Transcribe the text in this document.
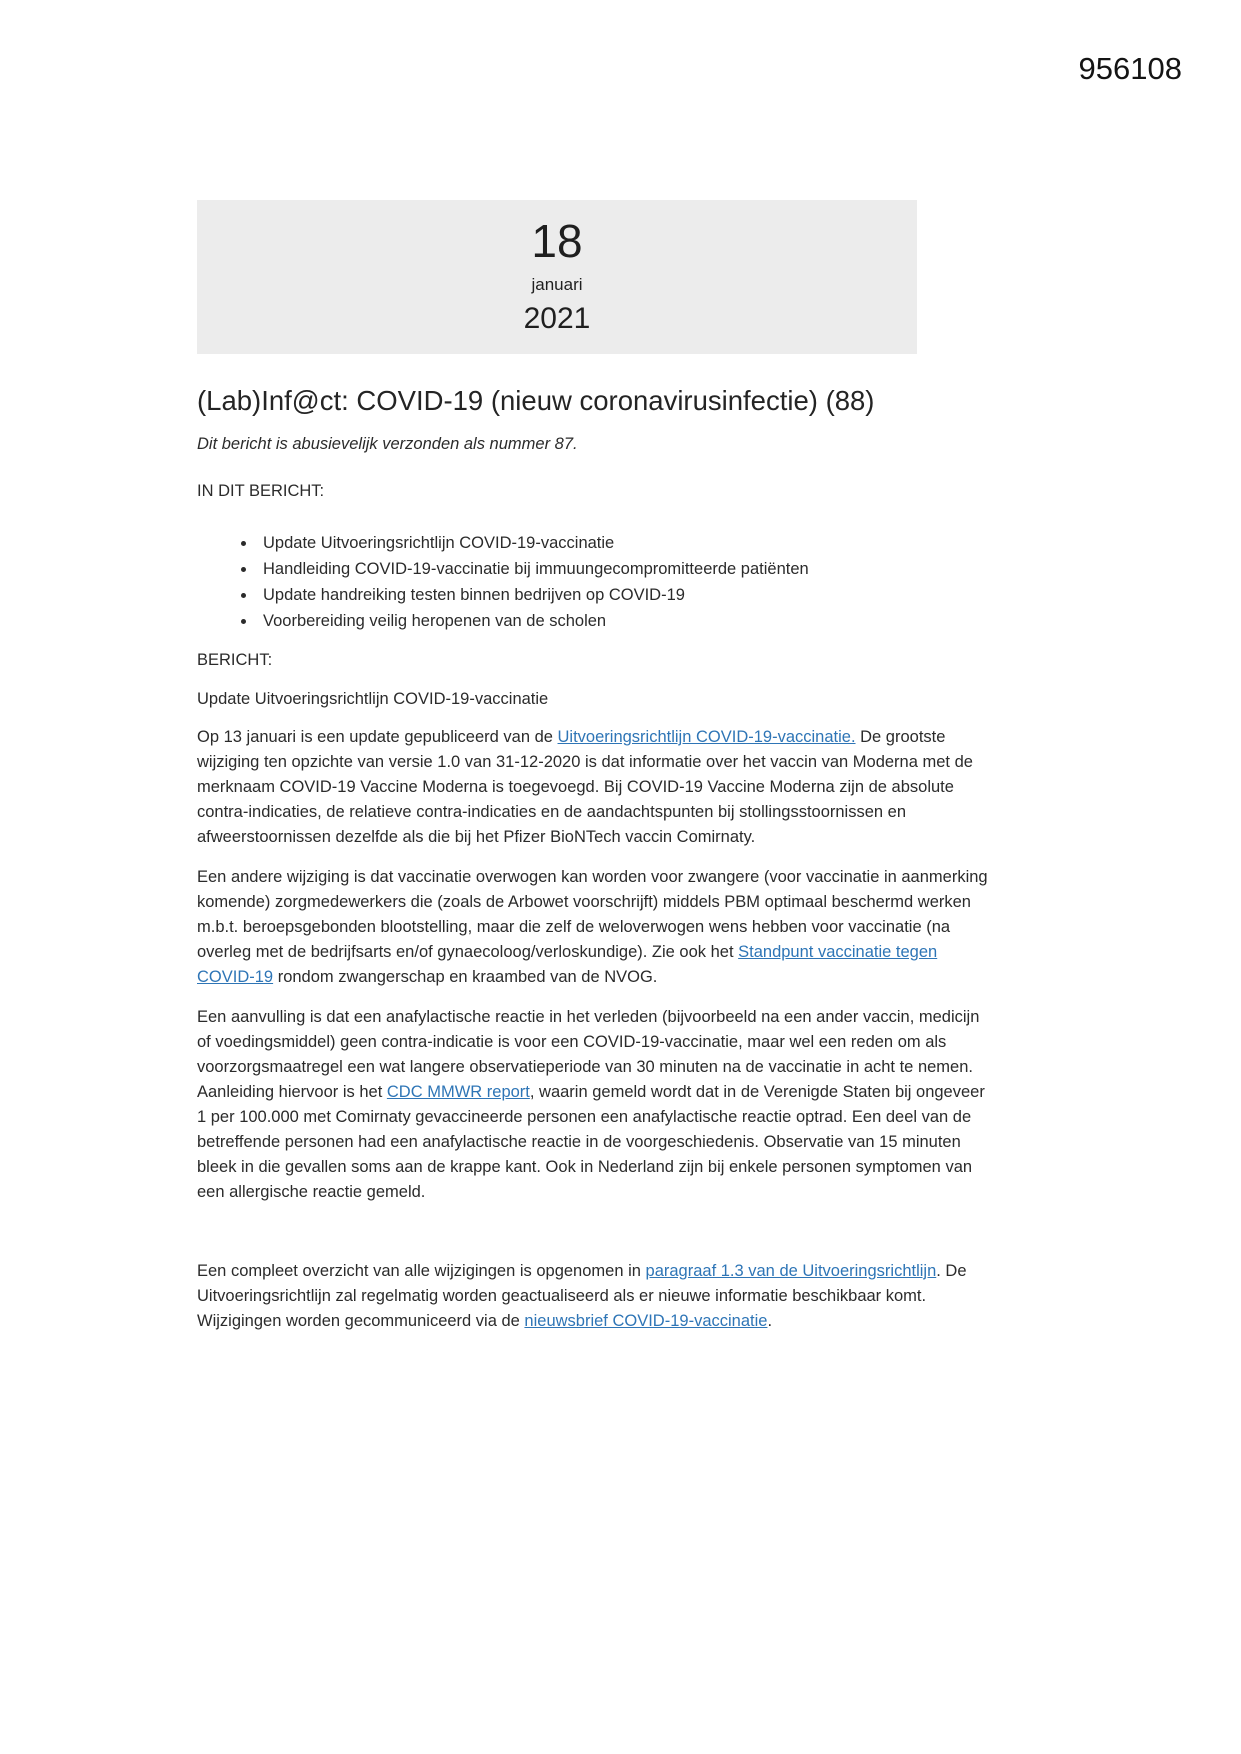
956108
18
januari
2021
(Lab)Inf@ct: COVID-19 (nieuw coronavirusinfectie) (88)

Dit bericht is abusievelijk verzonden als nummer 87.

IN DIT BERICHT:

• Update Uitvoeringsrichtlijn COVID-19-vaccinatie
• Handleiding COVID-19-vaccinatie bij immuungecompromitteerde patiënten
• Update handreiking testen binnen bedrijven op COVID-19
• Voorbereiding veilig heropenen van de scholen

BERICHT:

Update Uitvoeringsrichtlijn COVID-19-vaccinatie

Op 13 januari is een update gepubliceerd van de Uitvoeringsrichtlijn COVID-19-vaccinatie. De grootste wijziging ten opzichte van versie 1.0 van 31-12-2020 is dat informatie over het vaccin van Moderna met de merknaam COVID-19 Vaccine Moderna is toegevoegd. Bij COVID-19 Vaccine Moderna zijn de absolute contra-indicaties, de relatieve contra-indicaties en de aandachtspunten bij stollingsstoornissen en afweerstoornissen dezelfde als die bij het Pfizer BioNTech vaccin Comirnaty.

Een andere wijziging is dat vaccinatie overwogen kan worden voor zwangere (voor vaccinatie in aanmerking komende) zorgmedewerkers die (zoals de Arbowet voorschrijft) middels PBM optimaal beschermd werken m.b.t. beroepsgebonden blootstelling, maar die zelf de weloverwogen wens hebben voor vaccinatie (na overleg met de bedrijfsarts en/of gynaecoloog/verloskundige). Zie ook het Standpunt vaccinatie tegen COVID-19 rondom zwangerschap en kraambed van de NVOG.

Een aanvulling is dat een anafylactische reactie in het verleden (bijvoorbeeld na een ander vaccin, medicijn of voedingsmiddel) geen contra-indicatie is voor een COVID-19-vaccinatie, maar wel een reden om als voorzorgsmaatregel een wat langere observatieperiode van 30 minuten na de vaccinatie in acht te nemen. Aanleiding hiervoor is het CDC MMWR report, waarin gemeld wordt dat in de Verenigde Staten bij ongeveer 1 per 100.000 met Comirnaty gevaccineerde personen een anafylactische reactie optrad. Een deel van de betreffende personen had een anafylactische reactie in de voorgeschiedenis. Observatie van 15 minuten bleek in die gevallen soms aan de krappe kant. Ook in Nederland zijn bij enkele personen symptomen van een allergische reactie gemeld.

Een compleet overzicht van alle wijzigingen is opgenomen in paragraaf 1.3 van de Uitvoeringsrichtlijn. De Uitvoeringsrichtlijn zal regelmatig worden geactualiseerd als er nieuwe informatie beschikbaar komt. Wijzigingen worden gecommuniceerd via de nieuwsbrief COVID-19-vaccinatie.
